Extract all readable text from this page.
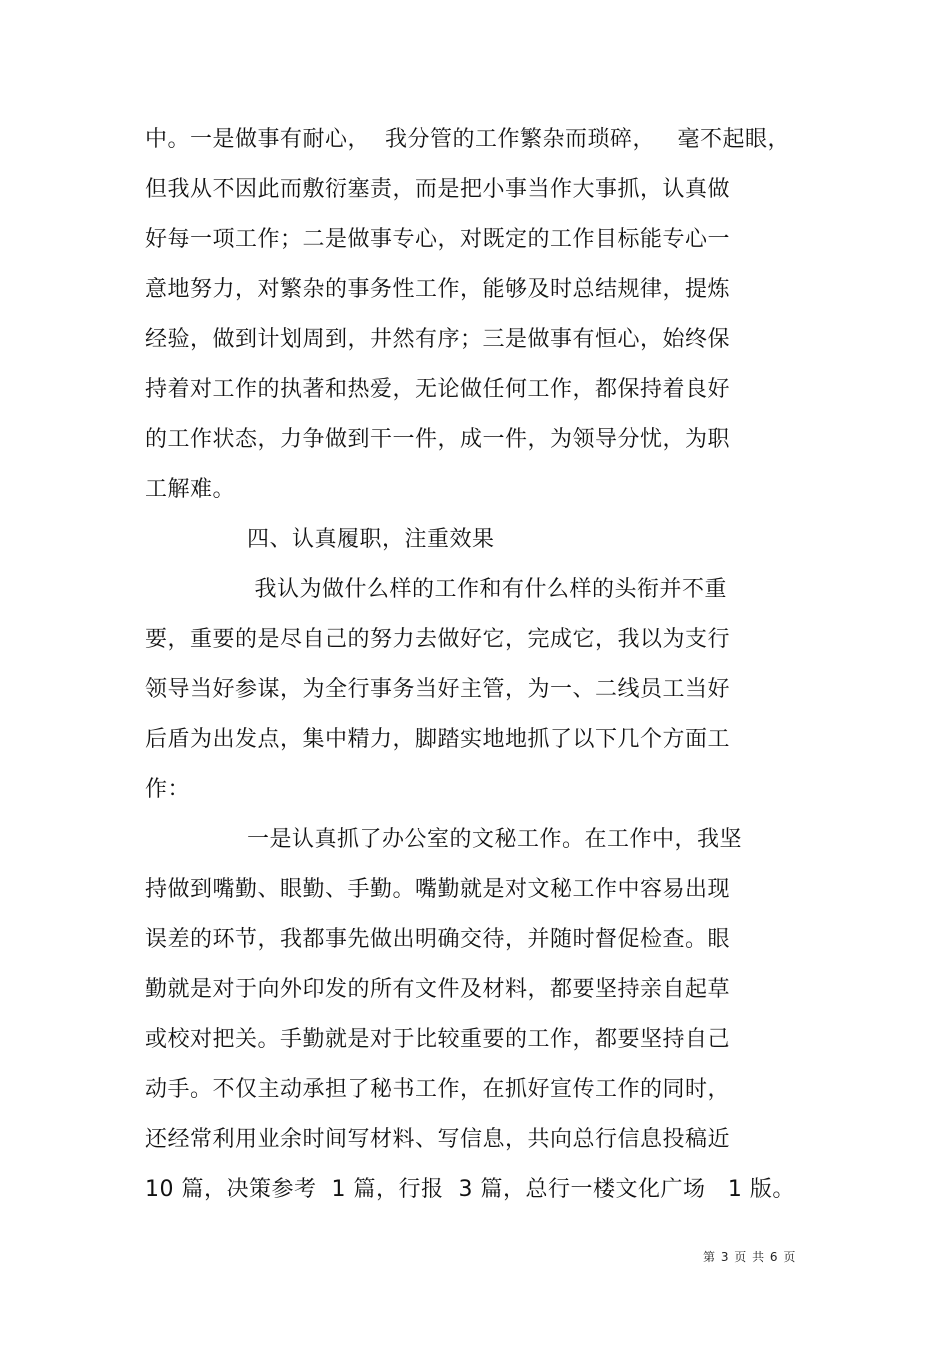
中。一是做事有耐心，  我分管的工作繁杂而琐碎，   毫不起眼，
但我从不因此而敷衍塞责，而是把小事当作大事抓，认真做
好每一项工作；二是做事专心，对既定的工作目标能专心一
意地努力，对繁杂的事务性工作，能够及时总结规律，提炼
经验，做到计划周到，井然有序；三是做事有恒心，始终保
持着对工作的执著和热爱，无论做任何工作，都保持着良好
的工作状态，力争做到干一件，成一件，为领导分忧，为职
工解难。
四、认真履职，注重效果
我认为做什么样的工作和有什么样的头衔并不重
要，重要的是尽自己的努力去做好它，完成它，我以为支行
领导当好参谋，为全行事务当好主管，为一、二线员工当好
后盾为出发点，集中精力，脚踏实地地抓了以下几个方面工
作：
一是认真抓了办公室的文秘工作。在工作中，我坚
持做到嘴勤、眼勤、手勤。嘴勤就是对文秘工作中容易出现
误差的环节，我都事先做出明确交待，并随时督促检查。眼
勤就是对于向外印发的所有文件及材料，都要坚持亲自起草
或校对把关。手勤就是对于比较重要的工作，都要坚持自己
动手。不仅主动承担了秘书工作，在抓好宣传工作的同时，
还经常利用业余时间写材料、写信息，共向总行信息投稿近
10 篇，决策参考  1 篇，行报  3 篇，总行一楼文化广场   1 版。
第 3 页 共 6 页
